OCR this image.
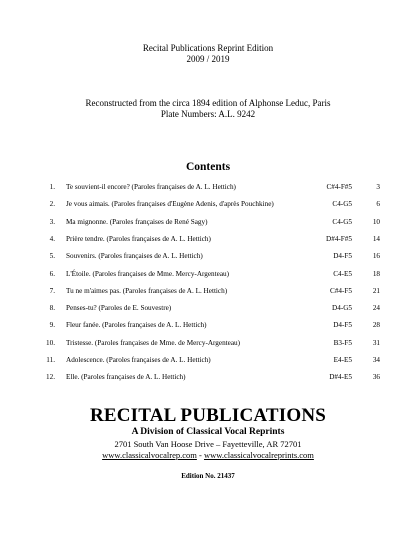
Recital Publications Reprint Edition
2009 / 2019
Reconstructed from the circa 1894 edition of Alphonse Leduc, Paris
Plate Numbers: A.L. 9242
Contents
1. Te souvient-il encore? (Paroles françaises de A. L. Hettich)	C#4-F#5	3
2. Je vous aimais. (Paroles françaises d'Eugène Adenis, d'après Pouchkine)	C4-G5	6
3. Ma mignonne. (Paroles françaises de René Sagy)	C4-G5	10
4. Prière tendre. (Paroles françaises de A. L. Hettich)	D#4-F#5	14
5. Souvenirs. (Paroles françaises de A. L. Hettich)	D4-F5	16
6. L'Étoile. (Paroles françaises de Mme. Mercy-Argenteau)	C4-E5	18
7. Tu ne m'aimes pas. (Paroles françaises de A. L. Hettich)	C#4-F5	21
8. Penses-tu? (Paroles de E. Souvestre)	D4-G5	24
9. Fleur fanée. (Paroles françaises de A. L. Hettich)	D4-F5	28
10. Tristesse. (Paroles françaises de Mme. de Mercy-Argenteau)	B3-F5	31
11. Adolescence. (Paroles françaises de A. L. Hettich)	E4-E5	34
12. Elle. (Paroles françaises de A. L. Hettich)	D#4-E5	36
RECITAL PUBLICATIONS
A Division of Classical Vocal Reprints
2701 South Van Hoose Drive – Fayetteville, AR 72701
www.classicalvocalrep.com - www.classicalvocalreprints.com
Edition No. 21437
